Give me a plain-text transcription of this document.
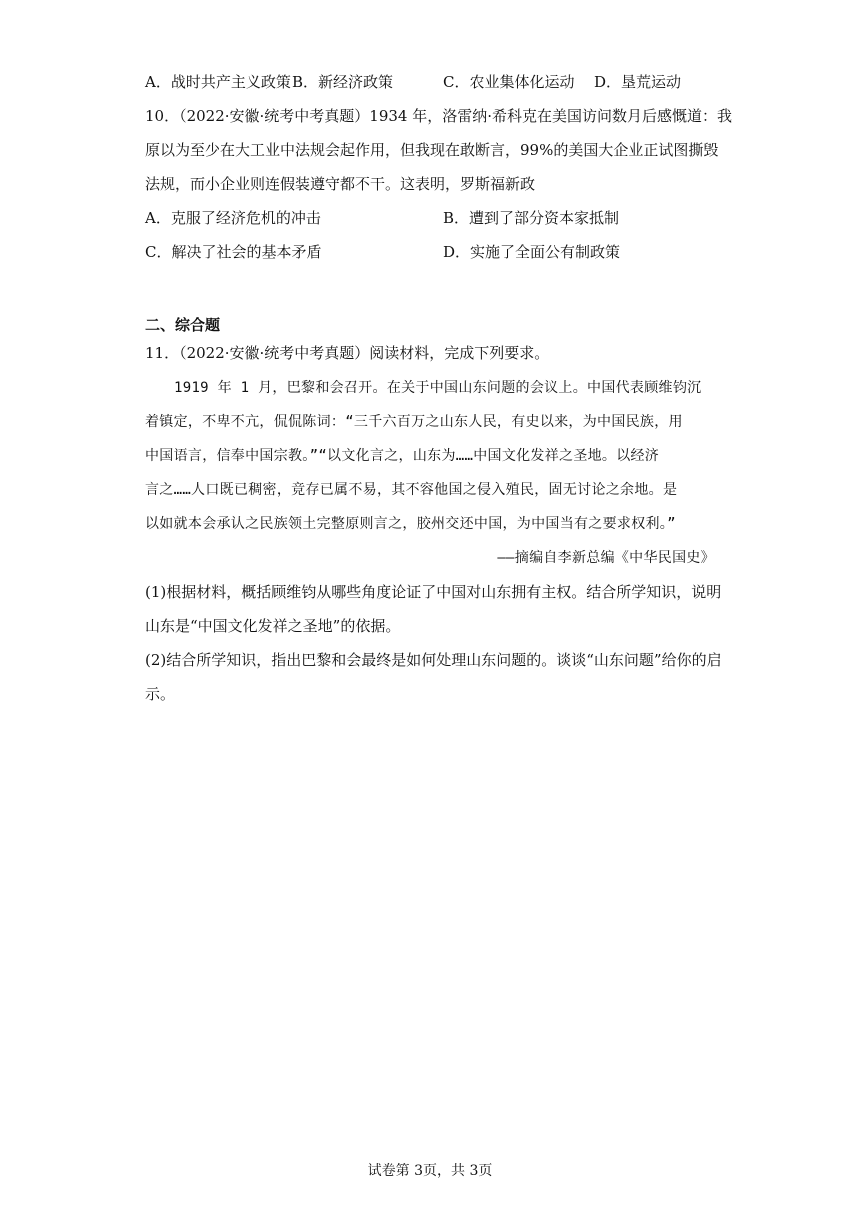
A．战时共产主义政策 B．新经济政策	C．农业集体化运动 D．垦荒运动
10．（2022·安徽·统考中考真题）1934 年，洛雷纳·希科克在美国访问数月后感慨道：我
原以为至少在大工业中法规会起作用，但我现在敢断言，99%的美国大企业正试图撕毁
法规，而小企业则连假装遵守都不干。这表明，罗斯福新政
A．克服了经济危机的冲击	B．遭到了部分资本家抵制
C．解决了社会的基本矛盾	D．实施了全面公有制政策
二、综合题
11．（2022·安徽·统考中考真题）阅读材料，完成下列要求。
1919 年 1 月，巴黎和会召开。在关于中国山东问题的会议上。中国代表顾维钧沉
着镇定，不卑不亢，侃侃陈词：“三千六百万之山东人民，有史以来，为中国民族，用
中国语言，信奉中国宗教。”“以文化言之，山东为……中国文化发祥之圣地。以经济
言之……人口既已稠密，竞存已属不易，其不容他国之侵入殖民，固无讨论之余地。是
以如就本会承认之民族领土完整原则言之，胶州交还中国，为中国当有之要求权利。”
——摘编自李新总编《中华民国史》
(1)根据材料，概括顾维钧从哪些角度论证了中国对山东拥有主权。结合所学知识，说明
山东是“中国文化发祥之圣地”的依据。
(2)结合所学知识，指出巴黎和会最终是如何处理山东问题的。谈谈“山东问题”给你的启
示。
试卷第 3页，共 3页
